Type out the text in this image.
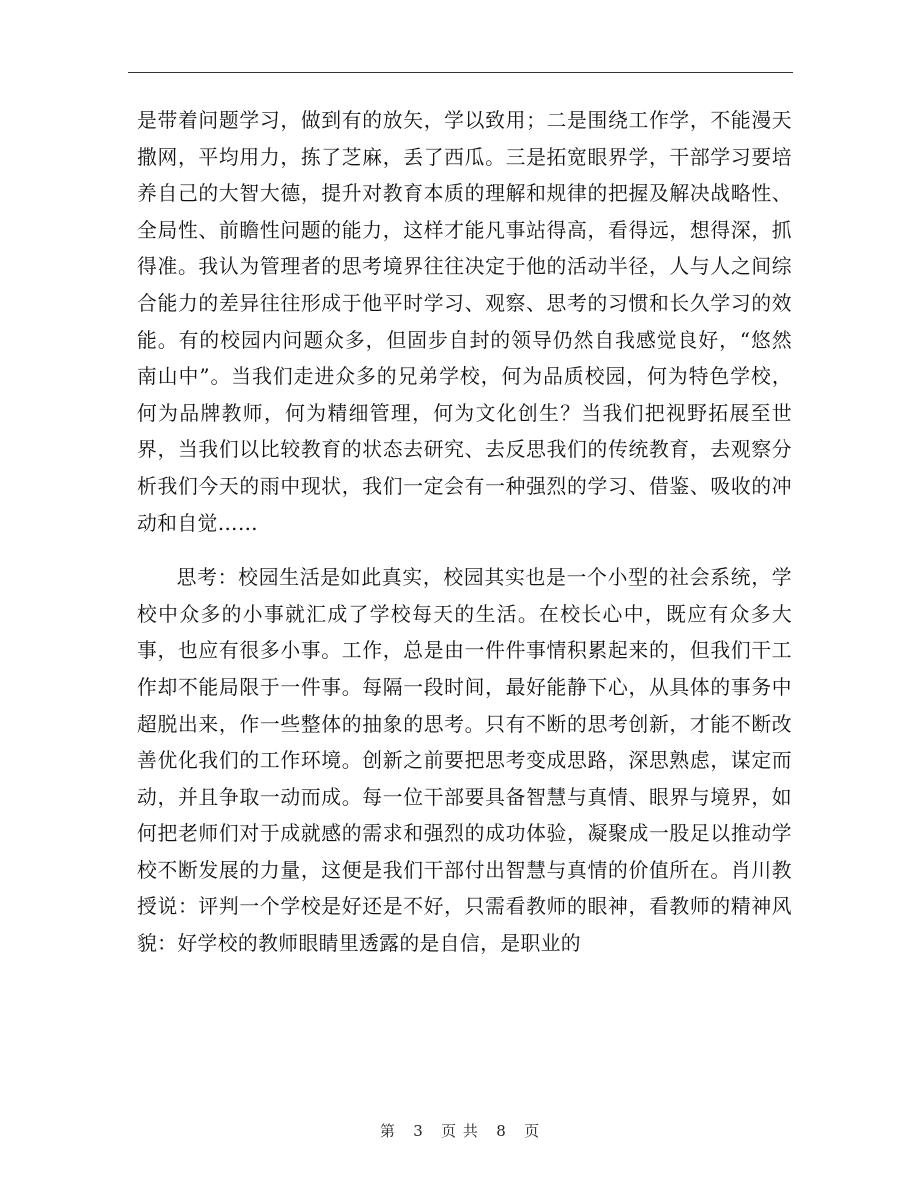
是带着问题学习，做到有的放矢，学以致用；二是围绕工作学，不能漫天撒网，平均用力，拣了芝麻，丢了西瓜。三是拓宽眼界学，干部学习要培养自己的大智大德，提升对教育本质的理解和规律的把握及解决战略性、全局性、前瞻性问题的能力，这样才能凡事站得高，看得远，想得深，抓得准。我认为管理者的思考境界往往决定于他的活动半径，人与人之间综合能力的差异往往形成于他平时学习、观察、思考的习惯和长久学习的效能。有的校园内问题众多，但固步自封的领导仍然自我感觉良好，“悠然南山中”。当我们走进众多的兄弟学校，何为品质校园，何为特色学校，何为品牌教师，何为精细管理，何为文化创生？当我们把视野拓展至世界，当我们以比较教育的状态去研究、去反思我们的传统教育，去观察分析我们今天的雨中现状，我们一定会有一种强烈的学习、借鉴、吸收的冲动和自觉……

思考：校园生活是如此真实，校园其实也是一个小型的社会系统，学校中众多的小事就汇成了学校每天的生活。在校长心中，既应有众多大事，也应有很多小事。工作，总是由一件件事情积累起来的，但我们干工作却不能局限于一件事。每隔一段时间，最好能静下心，从具体的事务中超脱出来，作一些整体的抽象的思考。只有不断的思考创新，才能不断改善优化我们的工作环境。创新之前要把思考变成思路，深思熟虑，谋定而动，并且争取一动而成。每一位干部要具备智慧与真情、眼界与境界，如何把老师们对于成就感的需求和强烈的成功体验，凝聚成一股足以推动学校不断发展的力量，这便是我们干部付出智慧与真情的价值所在。肖川教授说：评判一个学校是好还是不好，只需看教师的眼神，看教师的精神风貌：好学校的教师眼睛里透露的是自信，是职业的

第 3 页 共 8 页
